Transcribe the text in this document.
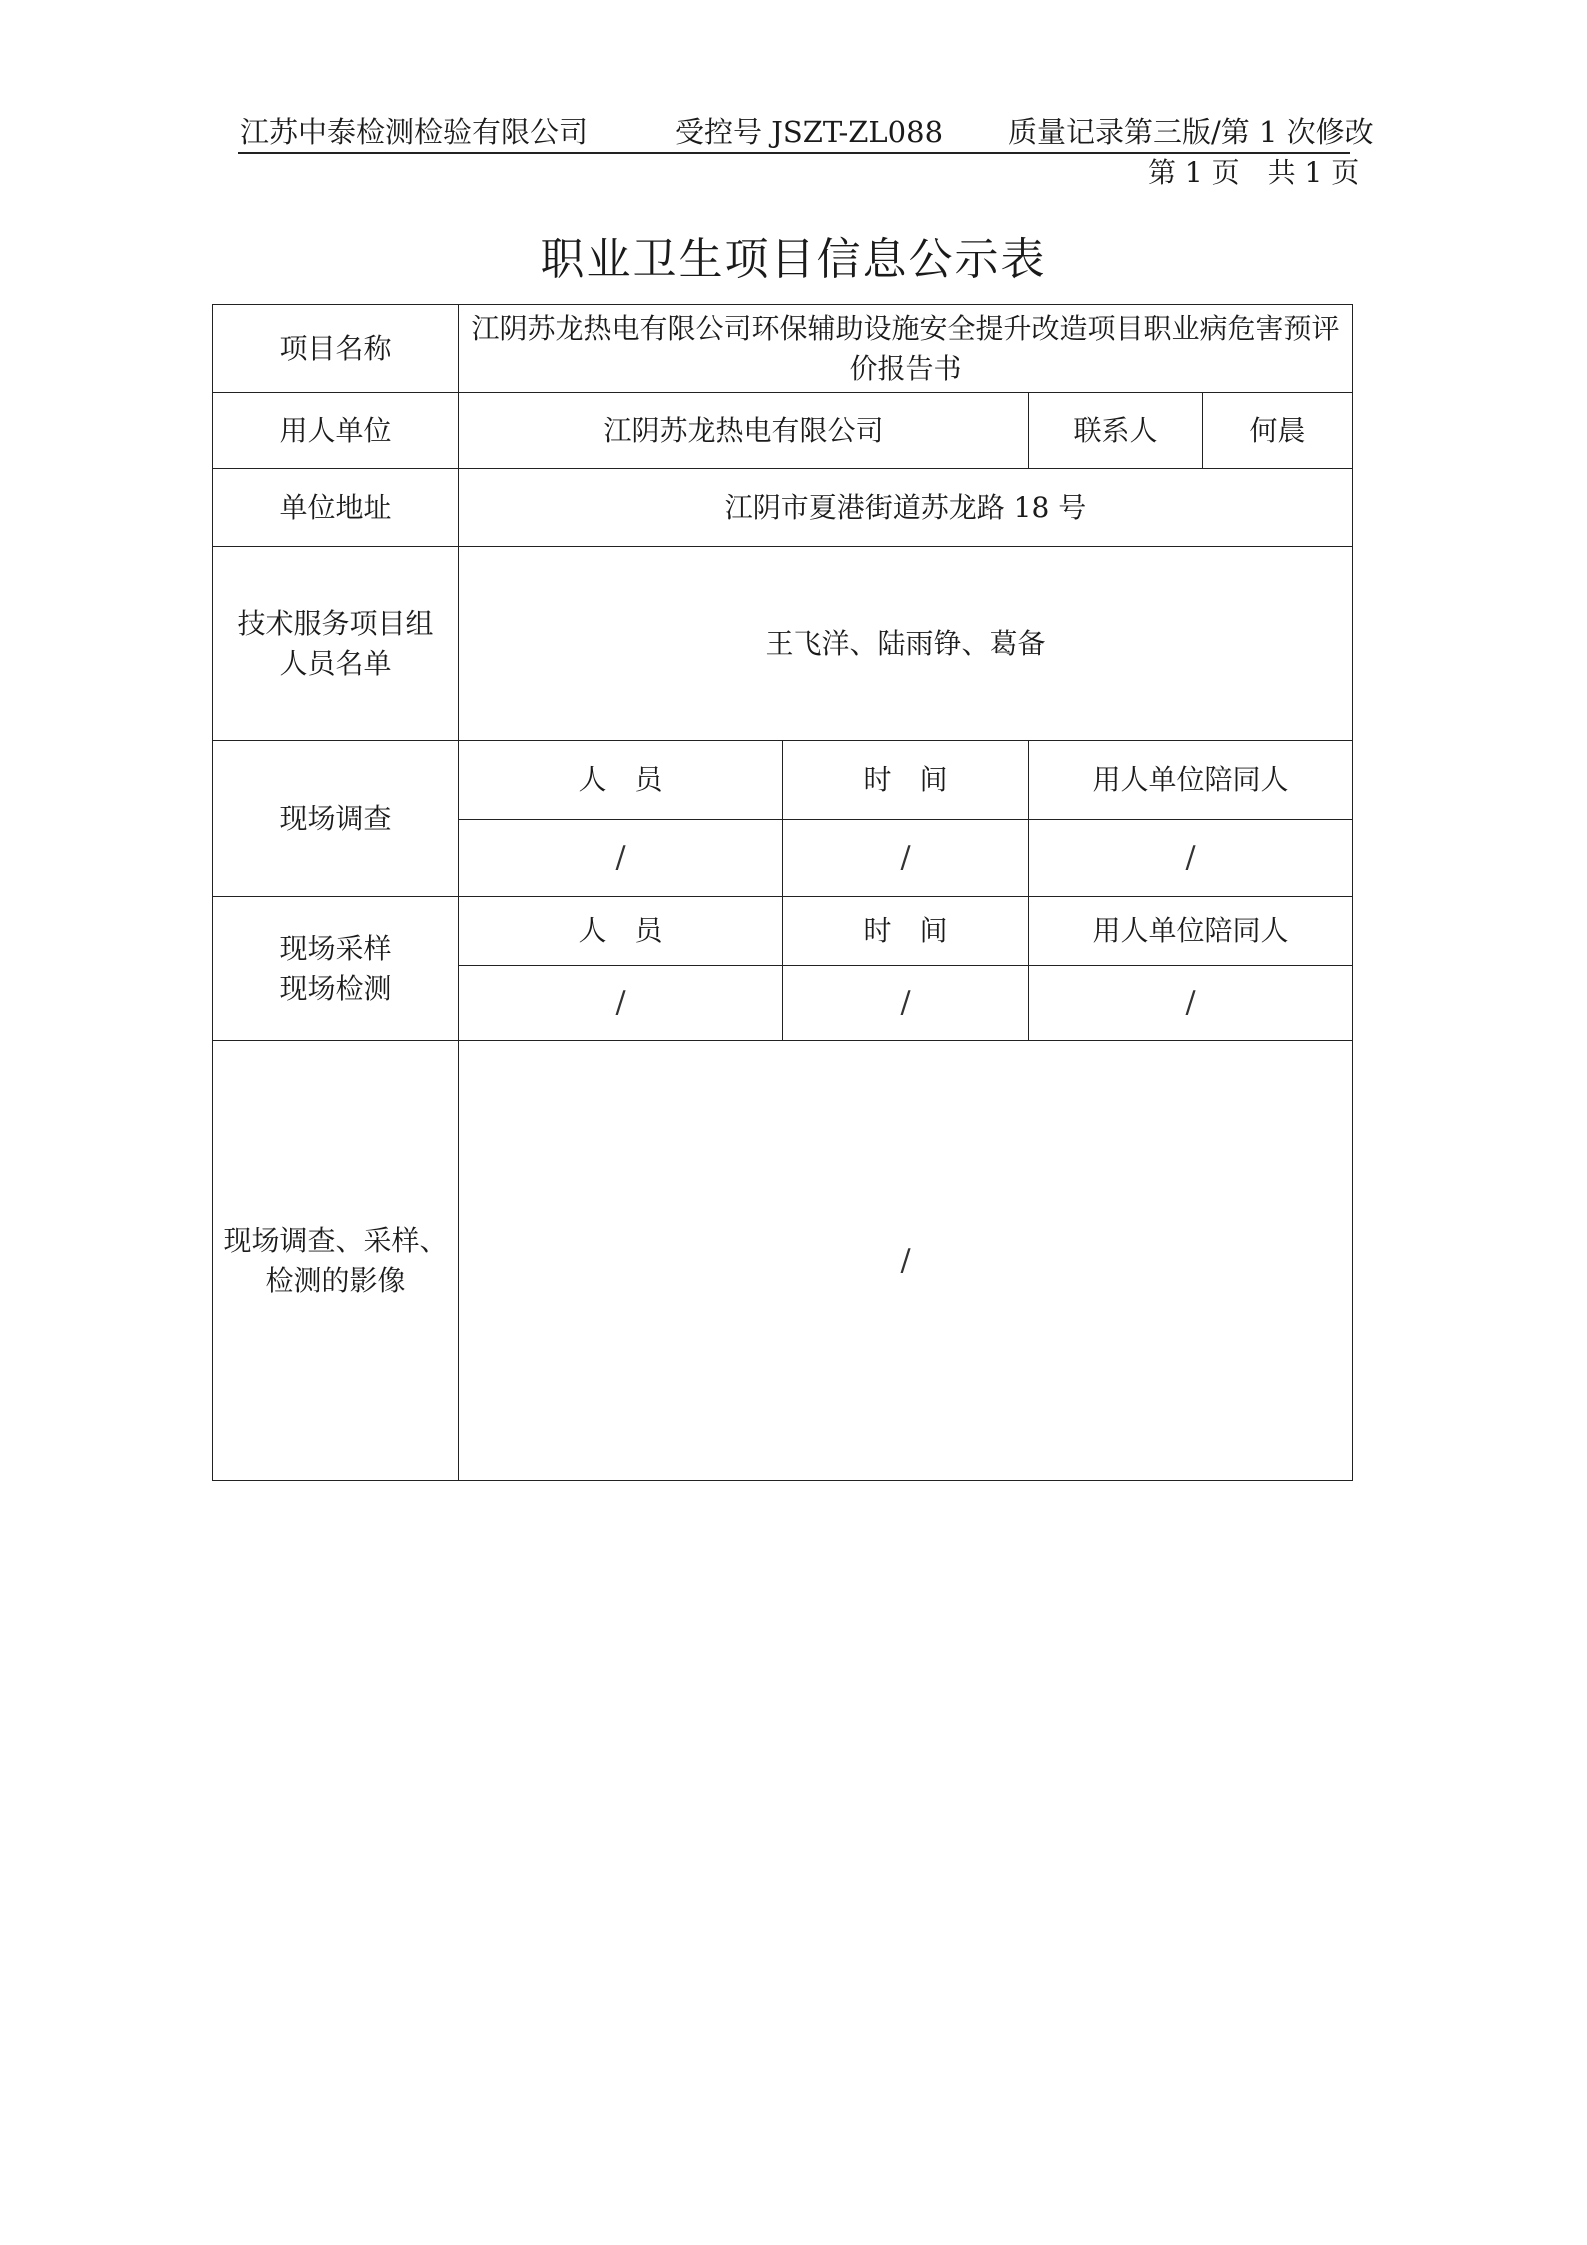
江苏中泰检测检验有限公司	受控号 JSZT-ZL088 质量记录第三版/第 1 次修改
第 1 页　共 1 页
职业卫生项目信息公示表
项目名称	江阴苏龙热电有限公司环保辅助设施安全提升改造项目职业病危害预评价报告书			
用人单位	江阴苏龙热电有限公司		联系人	何晨
单位地址	江阴市夏港街道苏龙路 18 号			

技术服务项目组
人员名单	王飞洋、陆雨铮、葛备			
现场调查	人　员	时　间	用人单位陪同人	
	/	/	/	

现场采样
现场检测	人　员	时　间	用人单位陪同人	
	/	/	/	

现场调查、采样、
检测的影像	/			
